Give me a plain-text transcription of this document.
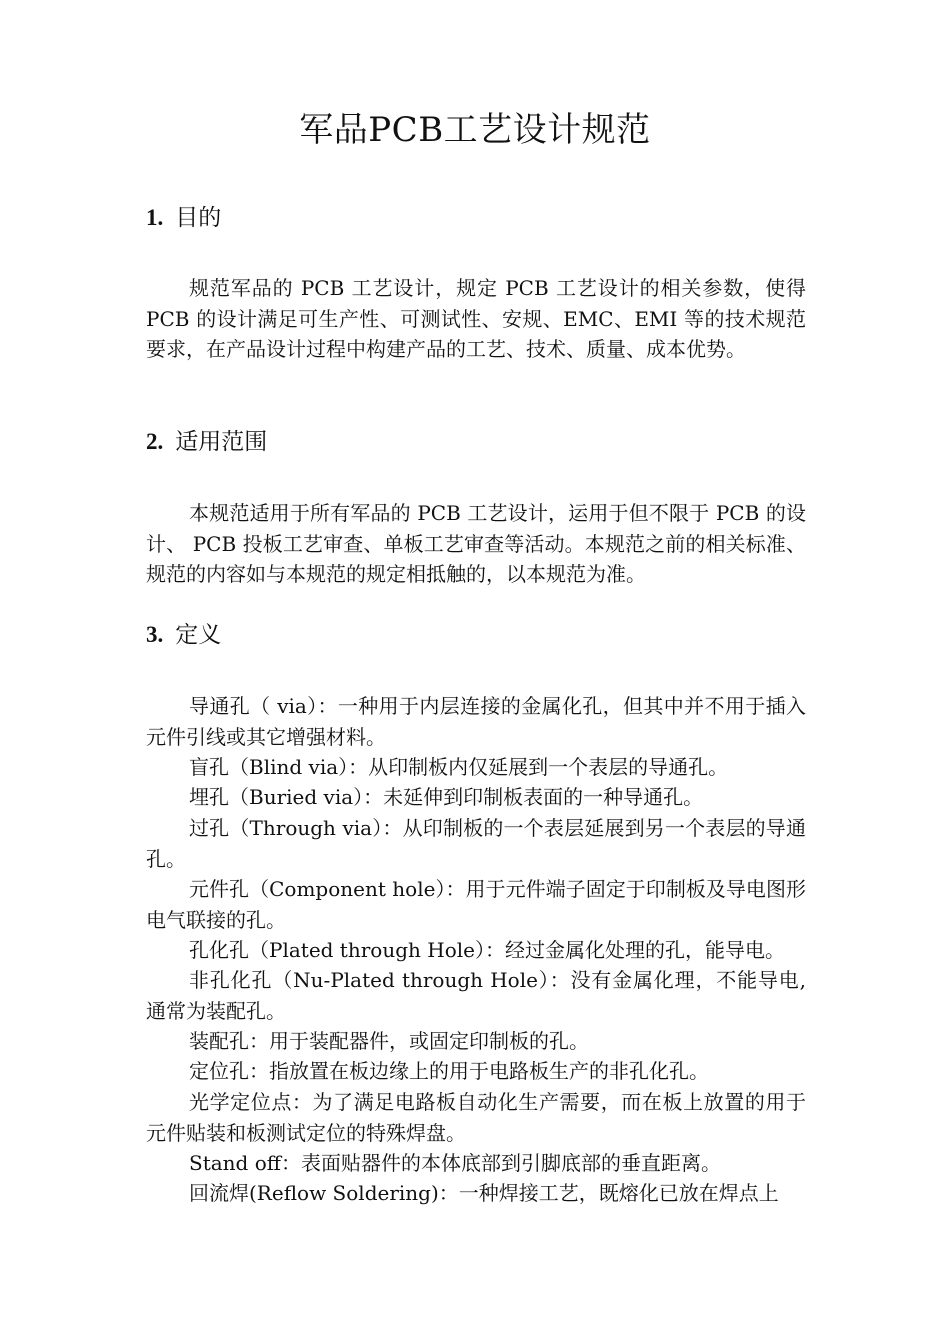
军品PCB工艺设计规范
1. 目的
规范军品的 PCB 工艺设计，规定 PCB 工艺设计的相关参数，使得 PCB 的设计满足可生产性、可测试性、安规、EMC、EMI 等的技术规范要求，在产品设计过程中构建产品的工艺、技术、质量、成本优势。
2. 适用范围
本规范适用于所有军品的 PCB 工艺设计，运用于但不限于 PCB 的设计、 PCB 投板工艺审查、单板工艺审查等活动。本规范之前的相关标准、规范的内容如与本规范的规定相抵触的，以本规范为准。
3. 定义
导通孔（ via）：一种用于内层连接的金属化孔，但其中并不用于插入元件引线或其它增强材料。
盲孔（Blind via）：从印制板内仅延展到一个表层的导通孔。
埋孔（Buried via）：未延伸到印制板表面的一种导通孔。
过孔（Through via）：从印制板的一个表层延展到另一个表层的导通孔。
元件孔（Component hole）：用于元件端子固定于印制板及导电图形电气联接的孔。
孔化孔（Plated through Hole）：经过金属化处理的孔，能导电。
非孔化孔（Nu-Plated through Hole）：没有金属化理，不能导电,通常为装配孔。
装配孔：用于装配器件，或固定印制板的孔。
定位孔：指放置在板边缘上的用于电路板生产的非孔化孔。
光学定位点：为了满足电路板自动化生产需要，而在板上放置的用于元件贴装和板测试定位的特殊焊盘。
Stand off：表面贴器件的本体底部到引脚底部的垂直距离。
回流焊(Reflow Soldering)：一种焊接工艺，既熔化已放在焊点上
